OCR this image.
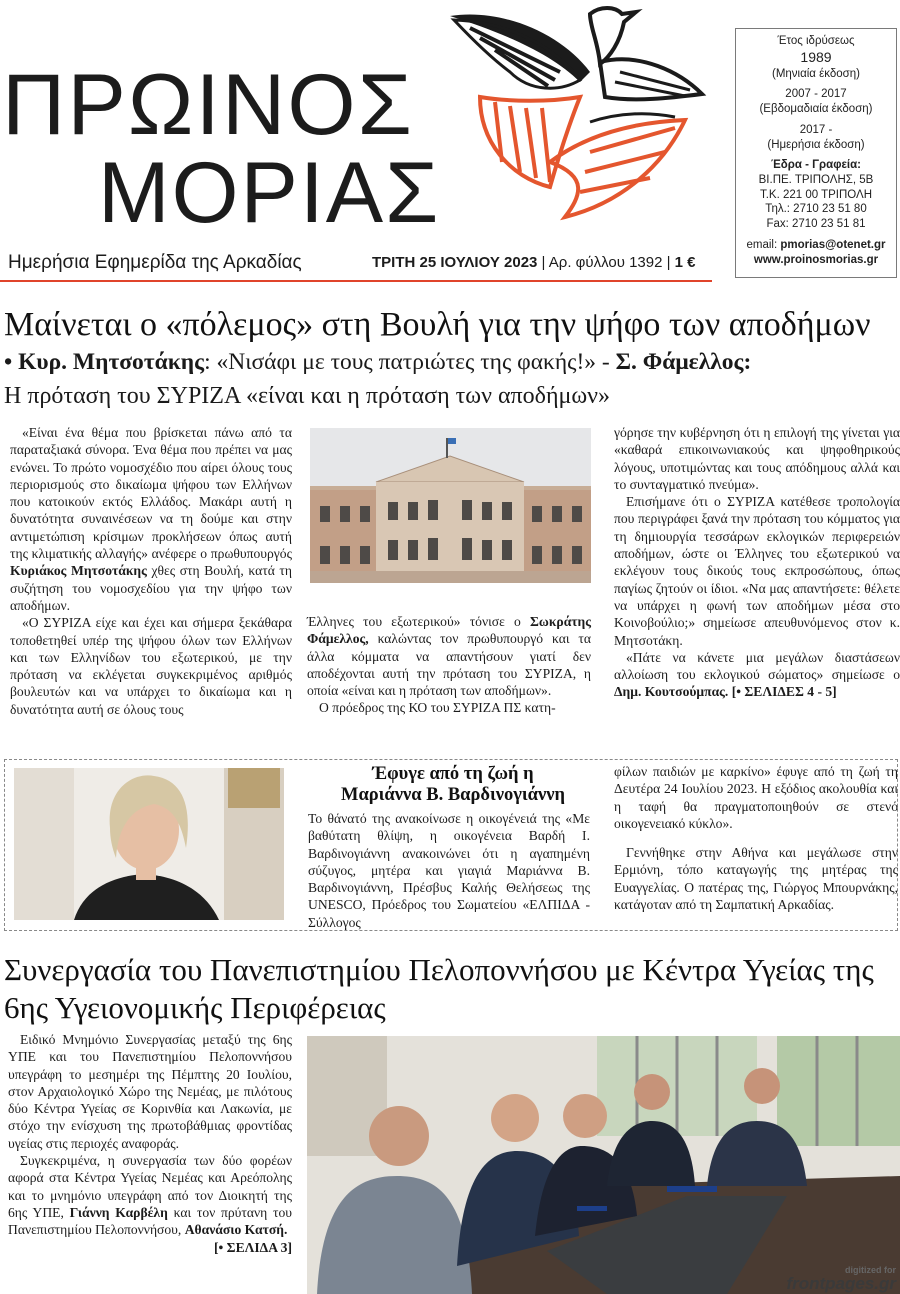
ΠΡΩΙΝΟΣ
ΜΟΡΙΑΣ
Ημερήσια Εφημερίδα της Αρκαδίας	ΤΡΙΤΗ 25 ΙΟΥΛΙΟΥ 2023 | Αρ. φύλλου 1392 | 1 €
Έτος ιδρύσεως
1989
(Μηνιαία έκδοση)
2007 - 2017
(Εβδομαδιαία έκδοση)
2017 -
(Ημερήσια έκδοση)
Έδρα - Γραφεία:
ΒΙ.ΠΕ. ΤΡΙΠΟΛΗΣ, 5Β
Τ.Κ. 221 00 ΤΡΙΠΟΛΗ
Τηλ.: 2710 23 51 80
Fax: 2710 23 51 81
email: pmorias@otenet.gr
www.proinosmorias.gr
Μαίνεται ο «πόλεμος» στη Βουλή για την ψήφο των αποδήμων
• Κυρ. Μητσοτάκης: «Νισάφι με τους πατριώτες της φακής!» - Σ. Φάμελλος:
Η πρόταση του ΣΥΡΙΖΑ «είναι και η πρόταση των αποδήμων»

«Είναι ένα θέμα που βρίσκεται πάνω από τα παραταξιακά σύνορα. Ένα θέμα που πρέπει να μας ενώνει. Το πρώτο νομοσχέδιο που αίρει όλους τους περιορισμούς στο δικαίωμα ψήφου των Ελλήνων που κατοικούν εκτός Ελλάδος. Μακάρι αυτή η δυνατότητα συναινέσεων να τη δούμε και στην αντιμετώπιση κρίσιμων προκλήσεων όπως αυτή της κλιματικής αλλαγής» ανέφερε ο πρωθυπουργός Κυριάκος Μητσοτάκης χθες στη Βουλή, κατά τη συζήτηση του νομοσχεδίου για την ψήφο των αποδήμων.

«Ο ΣΥΡΙΖΑ είχε και έχει και σήμερα ξεκάθαρα τοποθετηθεί υπέρ της ψήφου όλων των Ελλήνων και των Ελληνίδων του εξωτερικού, με την πρόταση να εκλέγεται συγκεκριμένος αριθμός βουλευτών και να υπάρχει το δικαίωμα και η δυνατότητα αυτή σε όλους τους

Έλληνες του εξωτερικού» τόνισε ο Σωκράτης Φάμελλος, καλώντας τον πρωθυπουργό και τα άλλα κόμματα να απαντήσουν γιατί δεν αποδέχονται αυτή την πρόταση του ΣΥΡΙΖΑ, η οποία «είναι και η πρόταση των αποδήμων».

Ο πρόεδρος της ΚΟ του ΣΥΡΙΖΑ ΠΣ κατη-

γόρησε την κυβέρνηση ότι η επιλογή της γίνεται για «καθαρά επικοινωνιακούς και ψηφοθηρικούς λόγους, υποτιμώντας και τους απόδημους αλλά και το συνταγματικό πνεύμα».

Επισήμανε ότι ο ΣΥΡΙΖΑ κατέθεσε τροπολογία που περιγράφει ξανά την πρόταση του κόμματος για τη δημιουργία τεσσάρων εκλογικών περιφερειών αποδήμων, ώστε οι Έλληνες του εξωτερικού να εκλέγουν τους δικούς τους εκπροσώπους, όπως παγίως ζητούν οι ίδιοι. «Να μας απαντήσετε: θέλετε να υπάρχει η φωνή των αποδήμων μέσα στο Κοινοβούλιο;» σημείωσε απευθυνόμενος στον κ. Μητσοτάκη.

«Πάτε να κάνετε μια μεγάλων διαστάσεων αλλοίωση του εκλογικού σώματος» σημείωσε ο Δημ. Κουτσούμπας. [• ΣΕΛΙΔΕΣ 4 - 5]

Έφυγε από τη ζωή η
Μαριάννα Β. Βαρδινογιάννη

Το θάνατό της ανακοίνωσε η οικογένειά της «Με βαθύτατη θλίψη, η οικογένεια Βαρδή Ι. Βαρδινογιάννη ανακοινώνει ότι η αγαπημένη σύζυγος, μητέρα και γιαγιά Μαριάννα Β. Βαρδινογιάννη, Πρέσβυς Καλής Θελήσεως της UNESCO, Πρόεδρος του Σωματείου «ΕΛΠΙΔΑ - Σύλλογος

φίλων παιδιών με καρκίνο» έφυγε από τη ζωή τη Δευτέρα 24 Ιουλίου 2023. Η εξόδιος ακολουθία και η ταφή θα πραγματοποιηθούν σε στενό οικογενειακό κύκλο».

Γεννήθηκε στην Αθήνα και μεγάλωσε στην Ερμιόνη, τόπο καταγωγής της μητέρας της Ευαγγελίας. Ο πατέρας της, Γιώργος Μπουρνάκης, κατάγοταν από τη Σαμπατική Αρκαδίας.

Συνεργασία του Πανεπιστημίου Πελοποννήσου με Κέντρα Υγείας της 6ης Υγειονομικής Περιφέρειας

Ειδικό Μνημόνιο Συνεργασίας μεταξύ της 6ης ΥΠΕ και του Πανεπιστημίου Πελοποννήσου υπεγράφη το μεσημέρι της Πέμπτης 20 Ιουλίου, στον Αρχαιολογικό Χώρο της Νεμέας, με πιλότους δύο Κέντρα Υγείας σε Κορινθία και Λακωνία, με στόχο την ενίσχυση της πρωτοβάθμιας φροντίδας υγείας στις περιοχές αναφοράς.

Συγκεκριμένα, η συνεργασία των δύο φορέων αφορά στα Κέντρα Υγείας Νεμέας και Αρεόπολης και το μνημόνιο υπεγράφη από τον Διοικητή της 6ης ΥΠΕ, Γιάννη Καρβέλη και τον πρύτανη του Πανεπιστημίου Πελοποννήσου, Αθανάσιο Κατσή.

[• ΣΕΛΙΔΑ 3]

digitized for
frontpages.gr
